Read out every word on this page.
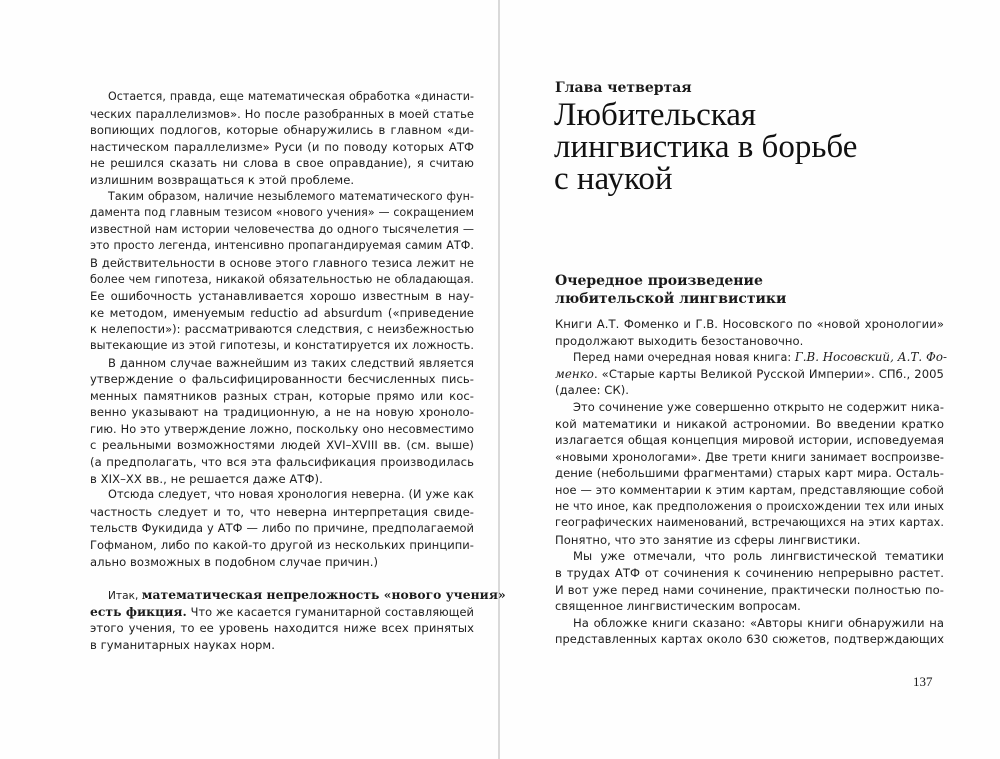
Остается, правда, еще математическая обработка «династи-
ческих параллелизмов». Но после разобранных в моей статье
вопиющих подлогов, которые обнаружились в главном «ди-
настическом параллелизме» Руси (и по поводу которых АТФ
не решился сказать ни слова в свое оправдание), я считаю
излишним возвращаться к этой проблеме.
Таким образом, наличие незыблемого математического фун-
дамента под главным тезисом «нового учения» — сокращением
известной нам истории человечества до одного тысячелетия —
это просто легенда, интенсивно пропагандируемая самим АТФ.
В действительности в основе этого главного тезиса лежит не
более чем гипотеза, никакой обязательностью не обладающая.
Ее ошибочность устанавливается хорошо известным в нау-
ке методом, именуемым reductio ad absurdum («приведение
к нелепости»): рассматриваются следствия, с неизбежностью
вытекающие из этой гипотезы, и констатируется их ложность.
В данном случае важнейшим из таких следствий является
утверждение о фальсифицированности бесчисленных пись-
менных памятников разных стран, которые прямо или кос-
венно указывают на традиционную, а не на новую хроноло-
гию. Но это утверждение ложно, поскольку оно несовместимо
с реальными возможностями людей XVI–XVIII вв. (см. выше)
(а предполагать, что вся эта фальсификация производилась
в XIX–XX вв., не решается даже АТФ).
Отсюда следует, что новая хронология неверна. (И уже как
частность следует и то, что неверна интерпретация свиде-
тельств Фукидида у АТФ — либо по причине, предполагаемой
Гофманом, либо по какой-то другой из нескольких принципи-
ально возможных в подобном случае причин.)
Итак, математическая непреложность «нового учения»
есть фикция. Что же касается гуманитарной составляющей
этого учения, то ее уровень находится ниже всех принятых
в гуманитарных науках норм.
Глава четвертая
Любительская
лингвистика в борьбе
с наукой
Очередное произведение
любительской лингвистики
Книги А.Т. Фоменко и Г.В. Носовского по «новой хронологии»
продолжают выходить безостановочно.
Перед нами очередная новая книга: Г.В. Носовский, А.Т. Фо-
менко. «Старые карты Великой Русской Империи». СПб., 2005
(далее: СК).
Это сочинение уже совершенно открыто не содержит ника-
кой математики и никакой астрономии. Во введении кратко
излагается общая концепция мировой истории, исповедуемая
«новыми хронологами». Две трети книги занимает воспроизве-
дение (небольшими фрагментами) старых карт мира. Осталь-
ное — это комментарии к этим картам, представляющие собой
не что иное, как предположения о происхождении тех или иных
географических наименований, встречающихся на этих картах.
Понятно, что это занятие из сферы лингвистики.
Мы уже отмечали, что роль лингвистической тематики
в трудах АТФ от сочинения к сочинению непрерывно растет.
И вот уже перед нами сочинение, практически полностью по-
священное лингвистическим вопросам.
На обложке книги сказано: «Авторы книги обнаружили на
представленных картах около 630 сюжетов, подтверждающих
137
